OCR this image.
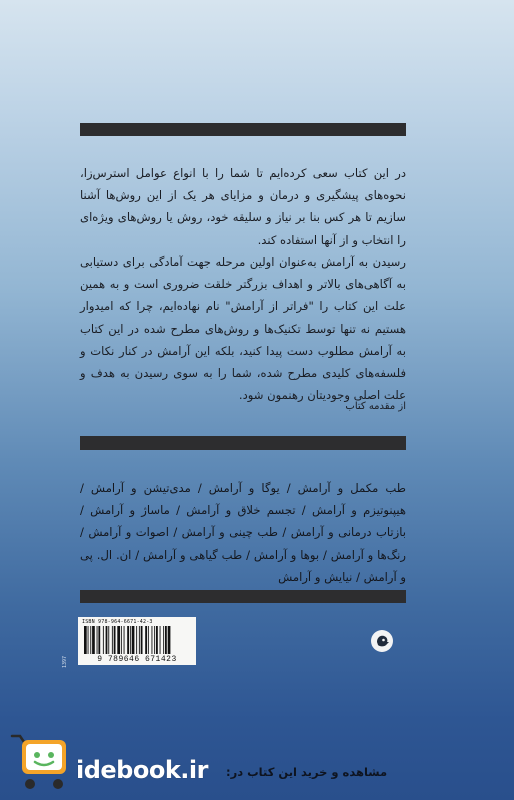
در این کتاب سعی کرده‌ایم تا شما را با انواع عوامل استرس‌زا، نحوه‌های پیشگیری و درمان و مزایای هر یک از این روش‌ها آشنا سازیم تا هر کس بنا بر نیاز و سلیقه خود، روش یا روش‌های ویژه‌ای را انتخاب و از آنها استفاده کند.

رسیدن به آرامش به‌عنوان اولین مرحله جهت آمادگی برای دستیابی به آگاهی‌های بالاتر و اهداف بزرگتر خلقت ضروری است و به همین علت این کتاب را "فراتر از آرامش" نام نهاده‌ایم، چرا که امیدوار هستیم نه تنها توسط تکنیک‌ها و روش‌های مطرح شده در این کتاب به آرامش مطلوب دست پیدا کنید، بلکه این آرامش در کنار نکات و فلسفه‌های کلیدی مطرح شده، شما را به سوی رسیدن به هدف و علت اصلی وجودیتان رهنمون شود.

از مقدمه کتاب

طب مکمل و آرامش / یوگا و آرامش / مدی‌تیشن و آرامش / هیپنوتیزم و آرامش / تجسم خلاق و آرامش / ماساژ و آرامش / بازتاب درمانی و آرامش / طب چینی و آرامش / اصوات و آرامش / رنگ‌ها و آرامش / بوها و آرامش / طب گیاهی و آرامش / ان. ال. پی و آرامش / نیایش و آرامش

1397
ISBN 978-964-6671-42-3
9 789646 671423
idebook.ir مشاهده و خرید این کتاب در:
